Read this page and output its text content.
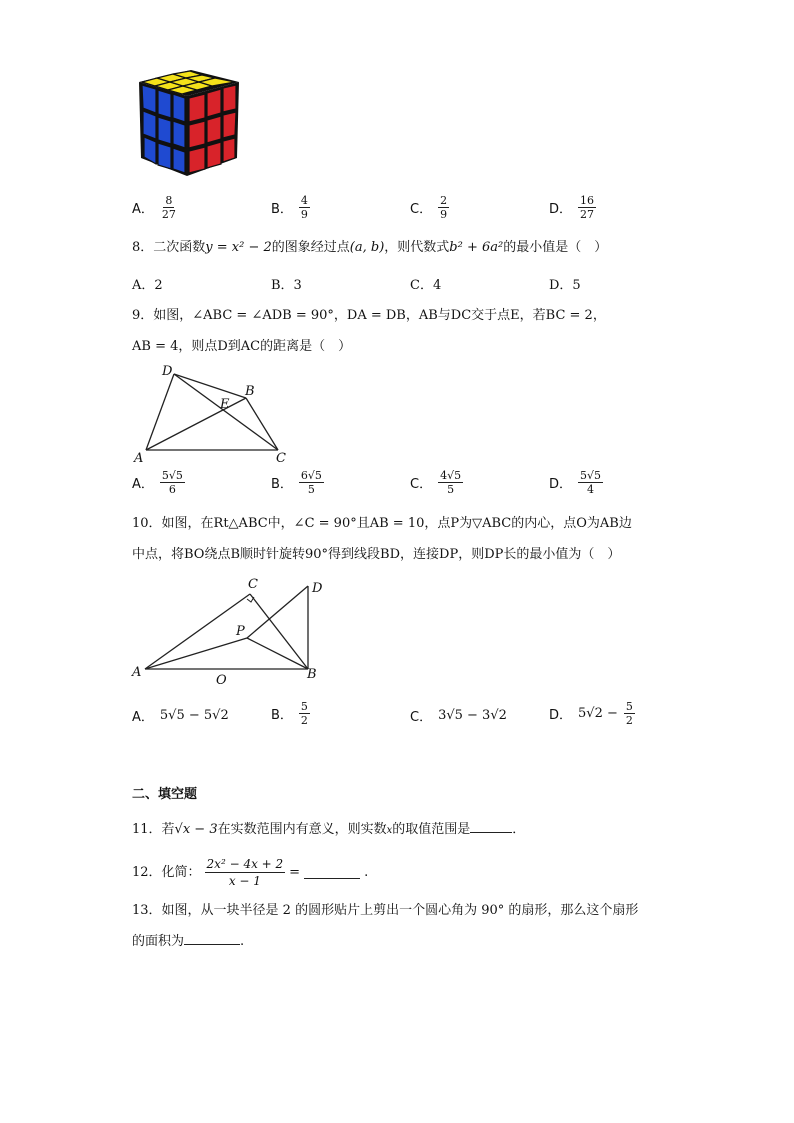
A． $\frac{8}{27}$	B． $\frac{4}{9}$	C． $\frac{2}{9}$	D． $\frac{16}{27}$
8．二次函数y = x² − 2的图象经过点(a, b)，则代数式b² + 6a²的最小值是（　）
A．2	B．3	C．4	D．5
9．如图，∠ABC = ∠ADB = 90°，DA = DB，AB与DC交于点E，若BC = 2，
AB = 4，则点D到AC的距离是（　）
D
B
E
A	C
A． $\frac{5√5}{6}$	B． $\frac{6√5}{5}$	C． $\frac{4√5}{5}$	D． $\frac{5√5}{4}$
10．如图，在Rt△ABC中，∠C = 90°且AB = 10，点P为▽ABC的内心，点O为AB边
中点，将BO绕点B顺时针旋转90°得到线段BD，连接DP，则DP长的最小值为（　）
C	D
P
A
O	B
A． 5√5 − 5√2	B． $\frac{5}{2}$	C． 3√5 − 3√2	D． $5√2 - \frac{5}{2}$
二、填空题
11．若√x − 3在实数范围内有意义，则实数x的取值范围是	．
12．化简： $\frac{\text{2x² − 4x + 2}}{x - 1}$ =	.
13．如图，从一块半径是 2 的圆形贴片上剪出一个圆心角为 90° 的扇形，那么这个扇形
的面积为	.
